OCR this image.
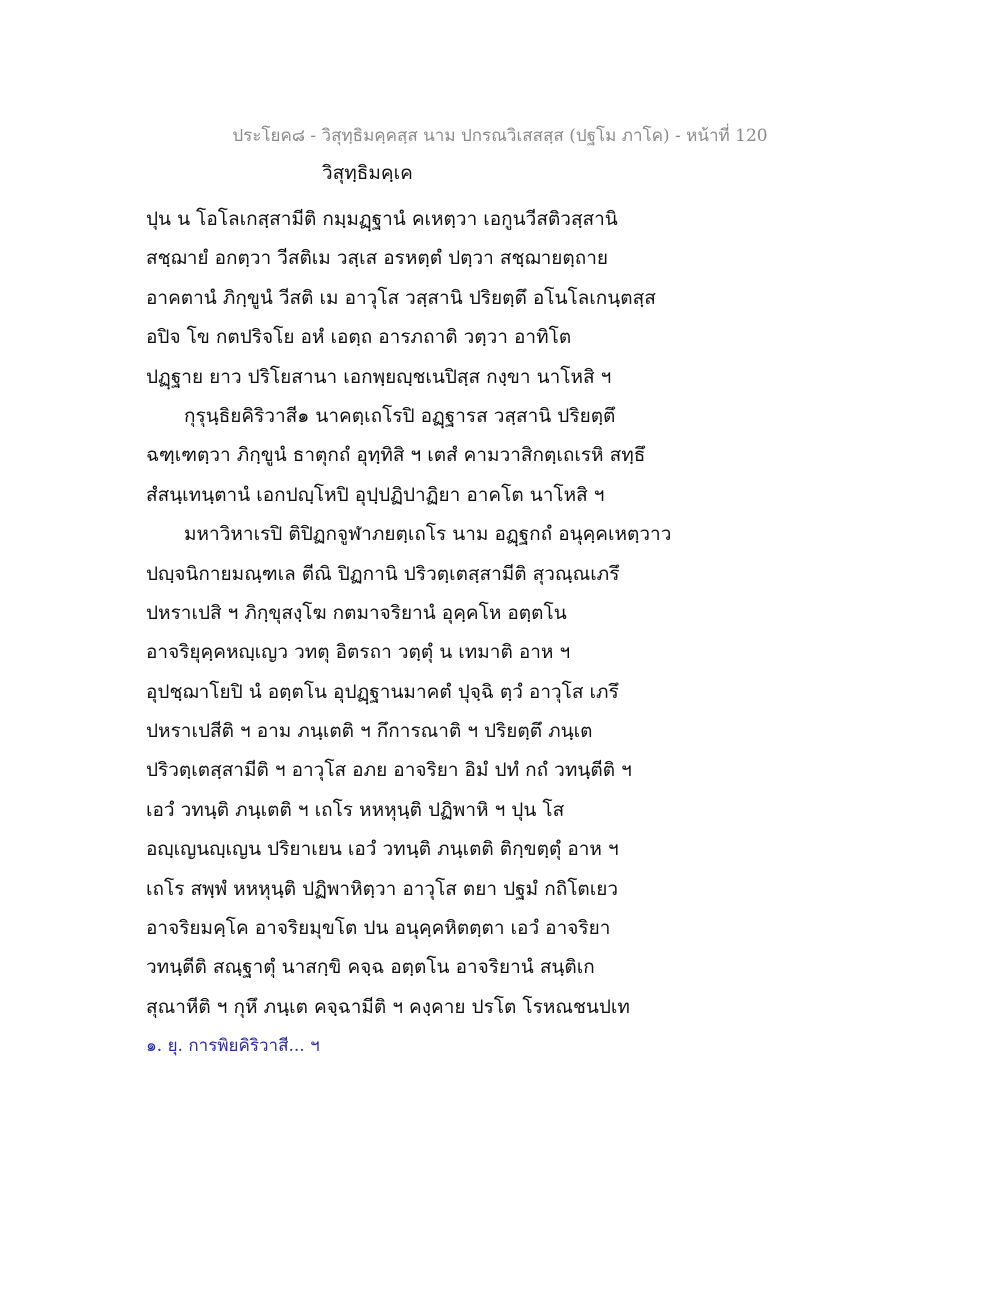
ประโยค๘ - วิสุทฺธิมคฺคสฺส นาม ปกรณวิเสสสฺส (ปฐโม ภาโค) - หน้าที่ 120
วิสุทฺธิมคฺเค
ปุน น โอโลเกสฺสามีติ กมฺมฏฺฐานํ คเหตฺวา เอกูนวีสติวสฺสานิ
สชฺฌายํ อกตฺวา วีสติเม วสฺเส อรหตฺตํ ปตฺวา สชฺฌายตฺถาย
อาคตานํ ภิกฺขูนํ วีสติ เม อาวุโส วสฺสานิ ปริยตฺตึ อโนโลเกนฺตสฺส
อปิจ โข กตปริจโย อหํ เอตฺถ อารภถาติ วตฺวา อาทิโต
ปฏฺฐาย ยาว ปริโยสานา เอกพฺยญฺชเนปิสฺส กงฺขา นาโหสิ ฯ
กุรุนฺธิยคิริวาสี๑ นาคตฺเถโรปิ อฏฺฐารส วสฺสานิ ปริยตฺตึ
ฉฑฺเฑตฺวา ภิกฺขูนํ ธาตุกถํ อุทฺทิสิ ฯ เตสํ คามวาสิกตฺเถเรหิ สทฺธึ
สํสนฺเทนฺตานํ เอกปญฺโหปิ อุปฺปฏิปาฏิยา อาคโต นาโหสิ ฯ
มหาวิหาเรปิ ติปิฏกจูฬาภยตฺเถโร นาม อฏฺฐกถํ อนุคฺคเหตฺวาว
ปญฺจนิกายมณฺฑเล ตีณิ ปิฏกานิ ปริวตฺเตสฺสามีติ สุวณฺณเภรึ
ปหราเปสิ ฯ ภิกฺขุสงฺโฆ กตมาจริยานํ อุคฺคโห อตฺตโน
อาจริยุคฺคหญฺเญว วทตุ อิตรถา วตฺตุํ น เทมาติ อาห ฯ
อุปชฺฌาโยปิ นํ อตฺตโน อุปฏฺฐานมาคตํ ปุจฺฉิ ตฺวํ อาวุโส เภรึ
ปหราเปสีติ ฯ อาม ภนฺเตติ ฯ กึการณาติ ฯ ปริยตฺตึ ภนฺเต
ปริวตฺเตสฺสามีติ ฯ อาวุโส อภย อาจริยา อิมํ ปทํ กถํ วทนฺตีติ ฯ
เอวํ วทนฺติ ภนฺเตติ ฯ เถโร หหหุนฺติ ปฏิพาหิ ฯ ปุน โส
อญฺเญนญฺเญน ปริยาเยน เอวํ วทนฺติ ภนฺเตติ ติกฺขตฺตุํ อาห ฯ
เถโร สพฺพํ หหหุนฺติ ปฏิพาหิตฺวา อาวุโส ตยา ปฐมํ กถิโตเยว
อาจริยมคฺโค อาจริยมุขโต ปน อนุคฺคหิตตฺตา เอวํ อาจริยา
วทนฺตีติ สณฺฐาตุํ นาสกฺขิ คจฺฉ อตฺตโน อาจริยานํ สนฺติเก
สุณาหีติ ฯ กุหึ ภนฺเต คจฺฉามีติ ฯ คงฺคาย ปรโต โรหณชนปเท
๑. ยุ. การพิยคิริวาสี... ฯ
